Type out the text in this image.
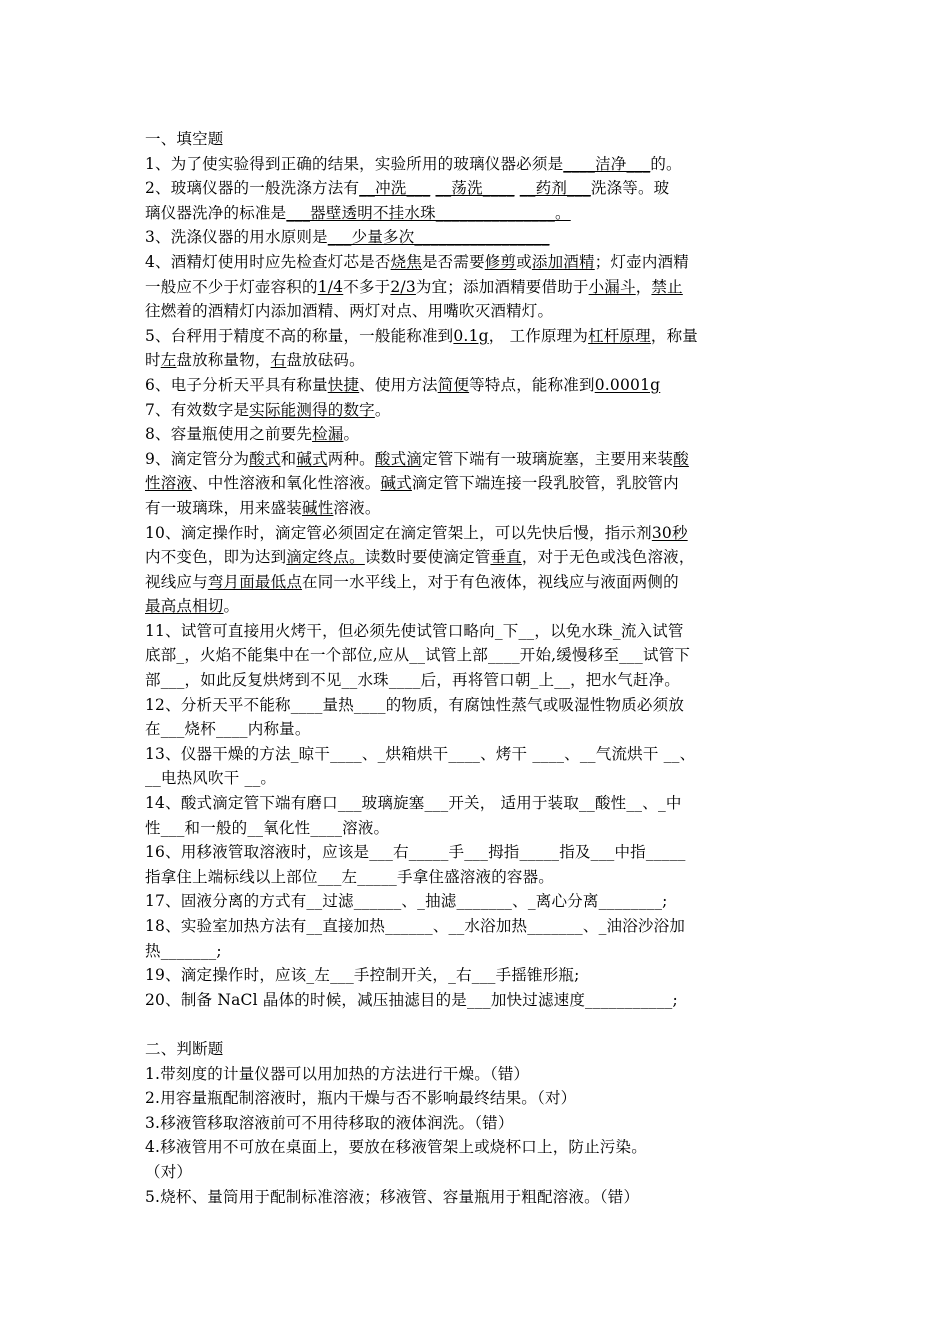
一、填空题
1、为了使实验得到正确的结果，实验所用的玻璃仪器必须是____洁净___的。
2、玻璃仪器的一般洗涤方法有__冲洗___ __荡洗____ __药剂___洗涤等。玻
璃仪器洗净的标准是___器壁透明不挂水珠_______________。
3、洗涤仪器的用水原则是___少量多次_________________
4、酒精灯使用时应先检查灯芯是否烧焦是否需要修剪或添加酒精；灯壶内酒精
一般应不少于灯壶容积的1/4不多于2/3为宜；添加酒精要借助于小漏斗，禁止
往燃着的酒精灯内添加酒精、两灯对点、用嘴吹灭酒精灯。
5、台秤用于精度不高的称量，一般能称准到0.1g， 工作原理为杠杆原理，称量
时左盘放称量物，右盘放砝码。
6、电子分析天平具有称量快捷、使用方法简便等特点，能称准到0.0001g
7、有效数字是实际能测得的数字。
8、容量瓶使用之前要先检漏。
9、滴定管分为酸式和碱式两种。酸式滴定管下端有一玻璃旋塞，主要用来装酸
性溶液、中性溶液和氧化性溶液。碱式滴定管下端连接一段乳胶管，乳胶管内
有一玻璃珠，用来盛装碱性溶液。
10、滴定操作时，滴定管必须固定在滴定管架上，可以先快后慢，指示剂30秒
内不变色，即为达到滴定终点。读数时要使滴定管垂直，对于无色或浅色溶液，
视线应与弯月面最低点在同一水平线上，对于有色液体，视线应与液面两侧的
最高点相切。
11、试管可直接用火烤干，但必须先使试管口略向_下__，以免水珠_流入试管
底部_，火焰不能集中在一个部位,应从__试管上部____开始,缓慢移至___试管下
部___，如此反复烘烤到不见__水珠____后，再将管口朝_上__，把水气赶净。
12、分析天平不能称____量热____的物质，有腐蚀性蒸气或吸湿性物质必须放
在___烧杯____内称量。
13、仪器干燥的方法_晾干____、_烘箱烘干____、烤干 ____、__气流烘干 __、
__电热风吹干 __。
14、酸式滴定管下端有磨口___玻璃旋塞___开关， 适用于装取__酸性__、_中
性___和一般的__氧化性____溶液。
16、用移液管取溶液时，应该是___右_____手___拇指_____指及___中指_____
指拿住上端标线以上部位___左_____手拿住盛溶液的容器。
17、固液分离的方式有__过滤______、_抽滤_______、_离心分离________;
18、实验室加热方法有__直接加热______、__水浴加热_______、_油浴沙浴加
热_______;
19、滴定操作时，应该_左___手控制开关，_右___手摇锥形瓶;
20、制备 NaCl 晶体的时候，减压抽滤目的是___加快过滤速度___________;
二、判断题
1.带刻度的计量仪器可以用加热的方法进行干燥。（错）
2.用容量瓶配制溶液时，瓶内干燥与否不影响最终结果。（对）
3.移液管移取溶液前可不用待移取的液体润洗。（错）
4.移液管用不可放在桌面上，要放在移液管架上或烧杯口上，防止污染。
（对）
5.烧杯、量筒用于配制标准溶液；移液管、容量瓶用于粗配溶液。（错）
